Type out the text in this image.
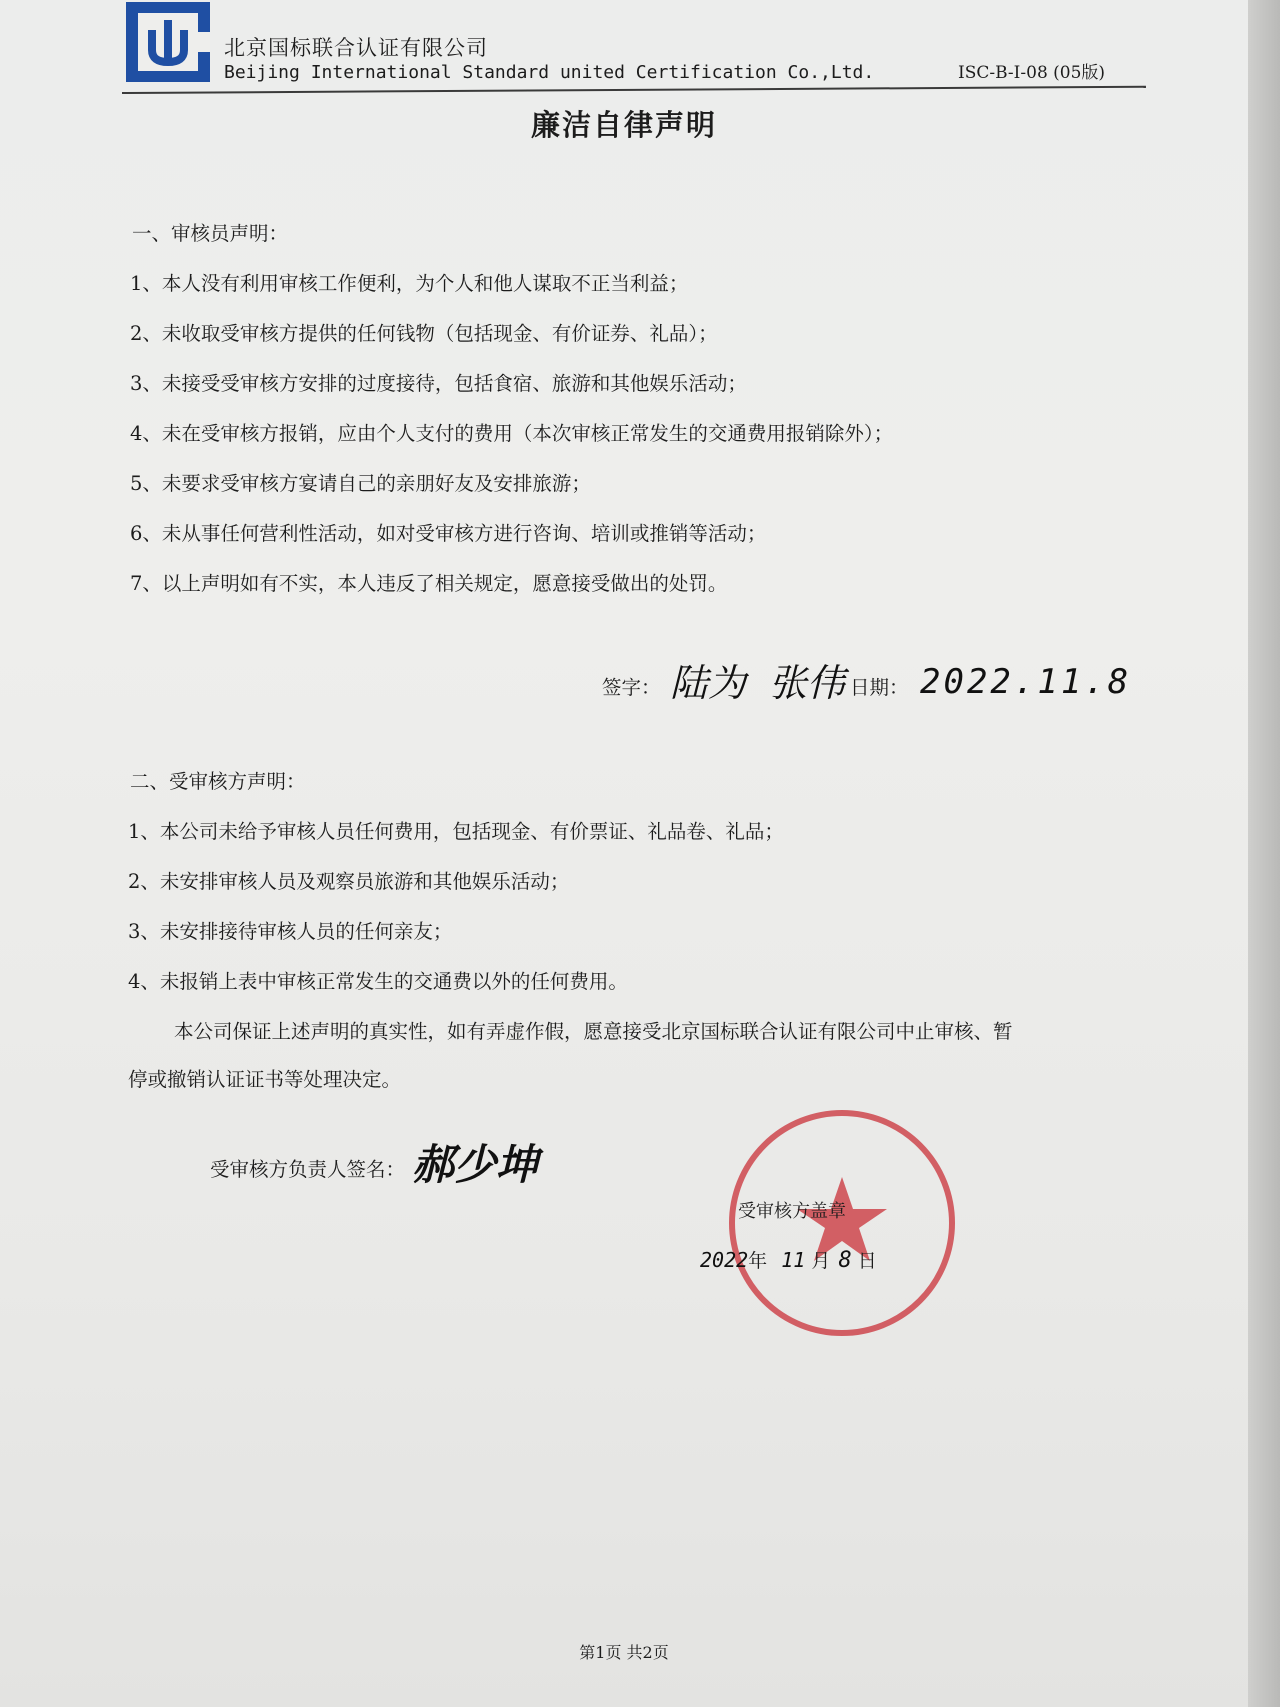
北京国标联合认证有限公司
Beijing International Standard united Certification Co.,Ltd.	ISC-B-I-08 (05版)
廉洁自律声明
一、审核员声明：
1、本人没有利用审核工作便利，为个人和他人谋取不正当利益；
2、未收取受审核方提供的任何钱物（包括现金、有价证券、礼品）；
3、未接受受审核方安排的过度接待，包括食宿、旅游和其他娱乐活动；
4、未在受审核方报销，应由个人支付的费用（本次审核正常发生的交通费用报销除外）；
5、未要求受审核方宴请自己的亲朋好友及安排旅游；
6、未从事任何营利性活动，如对受审核方进行咨询、培训或推销等活动；
7、以上声明如有不实，本人违反了相关规定，愿意接受做出的处罚。
签字： 陆为 张伟 日期： 2022.11.8
二、受审核方声明：
1、本公司未给予审核人员任何费用，包括现金、有价票证、礼品卷、礼品；
2、未安排审核人员及观察员旅游和其他娱乐活动；
3、未安排接待审核人员的任何亲友；
4、未报销上表中审核正常发生的交通费以外的任何费用。
本公司保证上述声明的真实性，如有弄虚作假，愿意接受北京国标联合认证有限公司中止审核、暂
停或撤销认证证书等处理决定。
受审核方负责人签名： 郝少坤
受审核方盖章
2022年 11 月 8 日
第1页 共2页
